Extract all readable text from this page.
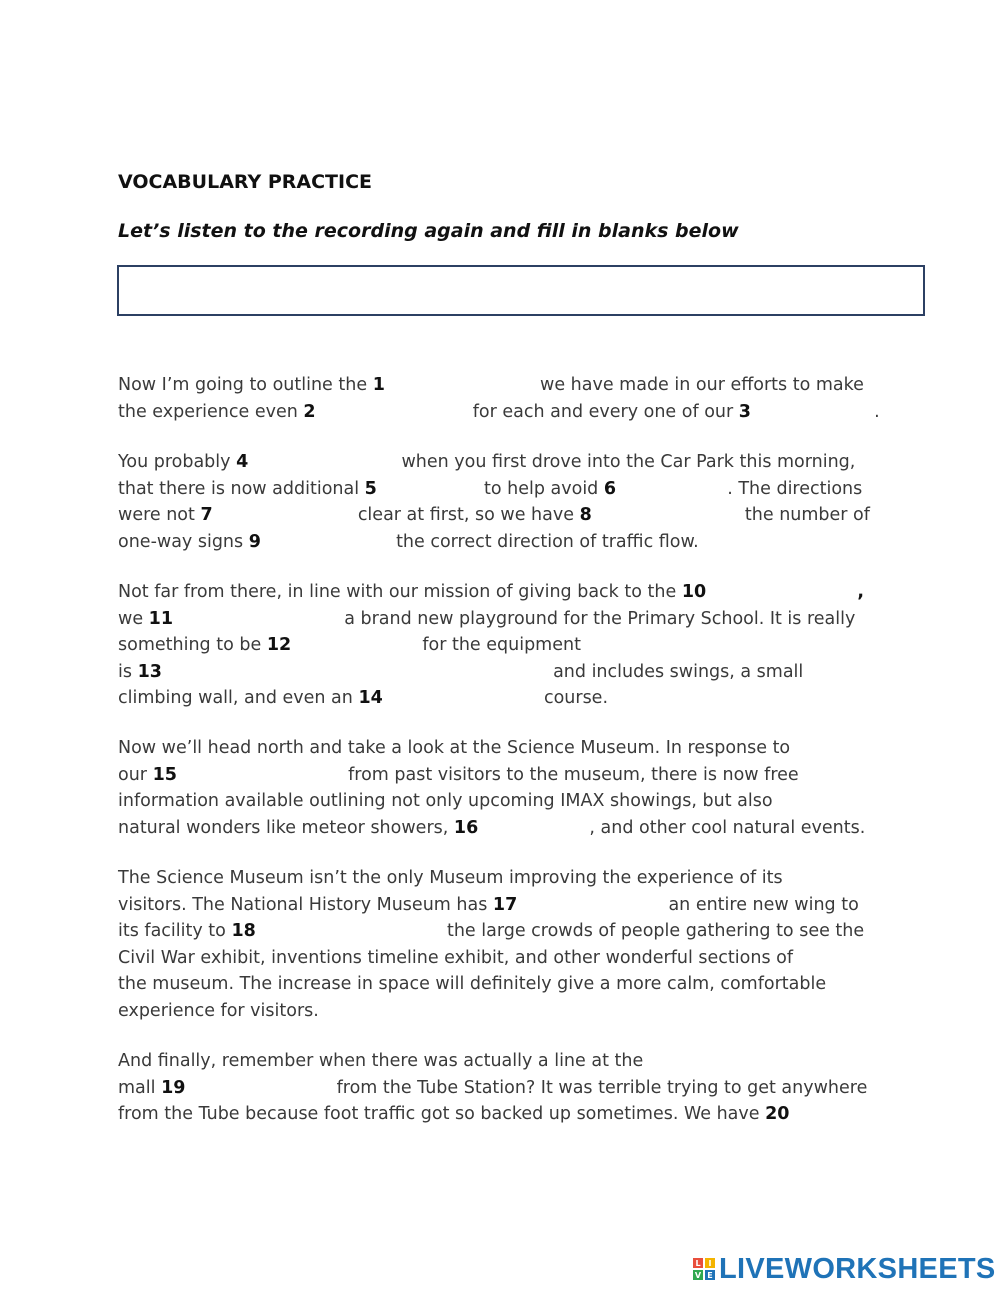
VOCABULARY PRACTICE
Let’s listen to the recording again and fill in blanks below
Now I’m going to outline the 1	we have made in our efforts to make
the experience even 2	for each and every one of our 3	.
You probably 4	when you first drove into the Car Park this morning,
that there is now additional 5	to help avoid 6	. The directions
were not 7	clear at first, so we have 8	the number of
one-way signs 9	the correct direction of traffic flow.
Not far from there, in line with our mission of giving back to the 10	,
we 11	a brand new playground for the Primary School. It is really
something to be 12	for the equipment
is 13	and includes swings, a small
climbing wall, and even an 14	course.
Now we’ll head north and take a look at the Science Museum. In response to
our 15	from past visitors to the museum, there is now free
information available outlining not only upcoming IMAX showings, but also
natural wonders like meteor showers, 16	, and other cool natural events.
The Science Museum isn’t the only Museum improving the experience of its
visitors. The National History Museum has 17	an entire new wing to
its facility to 18	the large crowds of people gathering to see the
Civil War exhibit, inventions timeline exhibit, and other wonderful sections of
the museum. The increase in space will definitely give a more calm, comfortable
experience for visitors.
And finally, remember when there was actually a line at the
mall 19	from the Tube Station? It was terrible trying to get anywhere
from the Tube because foot traffic got so backed up sometimes. We have 20
L I
V E LIVEWORKSHEETS
